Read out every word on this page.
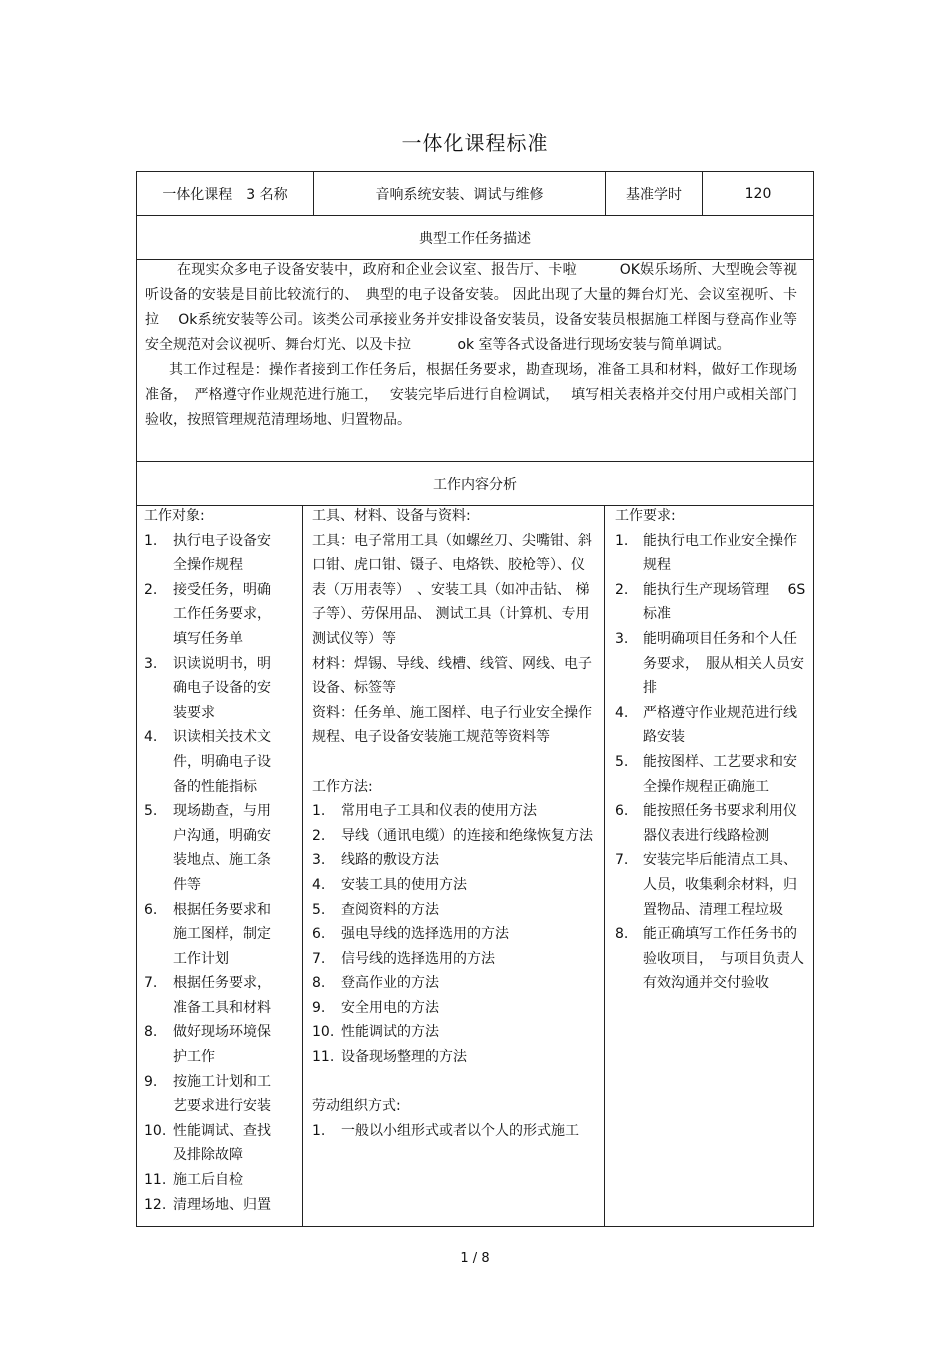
一体化课程标准
一体化课程　3 名称	音响系统安装、调试与维修	基准学时	120
典型工作任务描述

在现实众多电子设备安装中，政府和企业会议室、报告厅、卡啦　　　OK娱乐场所、大型晚会等视听设备的安装是目前比较流行的、　典型的电子设备安装。 因此出现了大量的舞台灯光、会议室视听、卡拉　 Ok系统安装等公司。该类公司承接业务并安排设备安装员，设备安装员根据施工样图与登高作业等安全规范对会议视听、舞台灯光、以及卡拉　　　 ok 室等各式设备进行现场安装与简单调试。

其工作过程是：操作者接到工作任务后，根据任务要求，勘查现场，准备工具和材料，做好工作现场准备，　严格遵守作业规范进行施工，　 安装完毕后进行自检调试，　 填写相关表格并交付用户或相关部门验收，按照管理规范清理场地、归置物品。

工作内容分析

工作对象:

1. 执行电子设备安全操作规程
2. 接受任务，明确工作任务要求，填写任务单
3. 识读说明书，明确电子设备的安装要求
4. 识读相关技术文件，明确电子设备的性能指标
5. 现场勘查，与用户沟通，明确安装地点、施工条件等
6. 根据任务要求和施工图样，制定工作计划
7. 根据任务要求，准备工具和材料
8. 做好现场环境保护工作
9. 按施工计划和工艺要求进行安装
10. 性能调试、查找及排除故障
11. 施工后自检
12. 清理场地、归置

工具、材料、设备与资料:

工具：电子常用工具（如螺丝刀、尖嘴钳、斜口钳、虎口钳、镊子、电烙铁、胶枪等）、仪表（万用表等）　、安装工具（如冲击钻、 梯子等）、劳保用品、 测试工具（计算机、专用测试仪等）等

材料：焊锡、导线、线槽、线管、网线、电子设备、标签等

资料：任务单、施工图样、电子行业安全操作规程、电子设备安装施工规范等资料等

工作方法:

1. 常用电子工具和仪表的使用方法
2. 导线（通讯电缆）的连接和绝缘恢复方法
3. 线路的敷设方法
4. 安装工具的使用方法
5. 查阅资料的方法
6. 强电导线的选择选用的方法
7. 信号线的选择选用的方法
8. 登高作业的方法
9. 安全用电的方法
10. 性能调试的方法
11. 设备现场整理的方法

劳动组织方式:

1. 一般以小组形式或者以个人的形式施工

工作要求:

1. 能执行电工作业安全操作规程
2. 能执行生产现场管理　 6S标准
3. 能明确项目任务和个人任务要求，　服从相关人员安排
4. 严格遵守作业规范进行线路安装
5. 能按图样、工艺要求和安全操作规程正确施工
6. 能按照任务书要求利用仪器仪表进行线路检测
7. 安装完毕后能清点工具、人员，收集剩余材料，归置物品、清理工程垃圾
8. 能正确填写工作任务书的验收项目，　与项目负责人有效沟通并交付验收
1 / 8
